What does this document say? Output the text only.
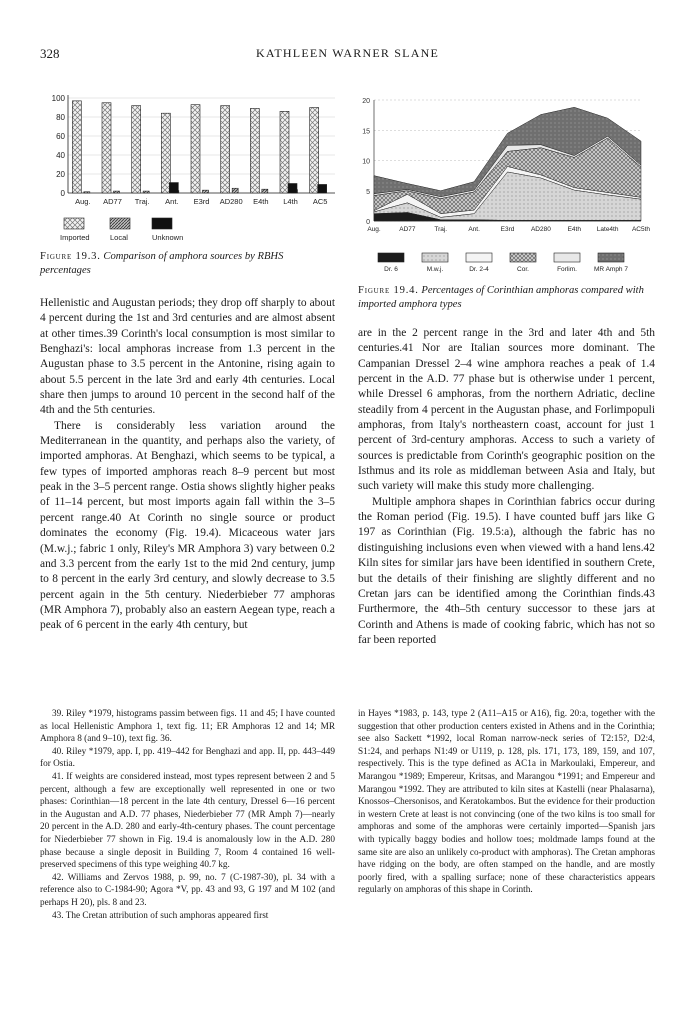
328	KATHLEEN WARNER SLANE
0
20
40
60
80
100
Aug. AD77 Traj. Ant. E3rd AD280 E4th L4th AC5
Imported	Local	Unknown
Figure 19.3. Comparison of amphora sources by RBHS percentages
0
5
10
15
20
Aug.	AD77	Traj.	Ant.	E3rd	AD280	E4th Late4th AC5th
Dr. 6	M.w.j.	Dr. 2-4	Cor.	Forlim.	MR Amph 7
Figure 19.4. Percentages of Corinthian amphoras compared with imported amphora types

Hellenistic and Augustan periods; they drop off sharply to about 4 percent during the 1st and 3rd centuries and are almost absent at other times.39 Corinth's local consumption is most similar to Benghazi's: local amphoras increase from 1.3 percent in the Augustan phase to 3.5 percent in the Antonine, rising again to about 5.5 percent in the late 3rd and early 4th centuries. Local share then jumps to around 10 percent in the second half of the 4th and the 5th centuries.

There is considerably less variation around the Mediterranean in the quantity, and perhaps also the variety, of imported amphoras. At Benghazi, which seems to be typical, a few types of imported amphoras reach 8–9 percent but most peak in the 3–5 percent range. Ostia shows slightly higher peaks of 11–14 percent, but most imports again fall within the 3–5 percent range.40 At Corinth no single source or product dominates the economy (Fig. 19.4). Micaceous water jars (M.w.j.; fabric 1 only, Riley's MR Amphora 3) vary between 0.2 and 3.3 percent from the early 1st to the mid 2nd century, jump to 8 percent in the early 3rd century, and slowly decrease to 3.5 percent again in the 5th century. Niederbieber 77 amphoras (MR Amphora 7), probably also an eastern Aegean type, reach a peak of 6 percent in the early 4th century, but

are in the 2 percent range in the 3rd and later 4th and 5th centuries.41 Nor are Italian sources more dominant. The Campanian Dressel 2–4 wine amphora reaches a peak of 1.4 percent in the A.D. 77 phase but is otherwise under 1 percent, while Dressel 6 amphoras, from the northern Adriatic, decline steadily from 4 percent in the Augustan phase, and Forlimpopuli amphoras, from Italy's northeastern coast, account for just 1 percent of 3rd-century amphoras. Access to such a variety of sources is predictable from Corinth's geographic position on the Isthmus and its role as middleman between Asia and Italy, but such variety will make this study more challenging.

Multiple amphora shapes in Corinthian fabrics occur during the Roman period (Fig. 19.5). I have counted buff jars like G 197 as Corinthian (Fig. 19.5:a), although the fabric has no distinguishing inclusions even when viewed with a hand lens.42 Kiln sites for similar jars have been identified in southern Crete, but the details of their finishing are slightly different and no Cretan jars can be identified among the Corinthian finds.43 Furthermore, the 4th–5th century successor to these jars at Corinth and Athens is made of cooking fabric, which has not so far been reported

39. Riley *1979, histograms passim between figs. 11 and 45; I have counted as local Hellenistic Amphora 1, text fig. 11; ER Amphoras 12 and 14; MR Amphora 8 (and 9–10), text fig. 36.

40. Riley *1979, app. I, pp. 419–442 for Benghazi and app. II, pp. 443–449 for Ostia.

41. If weights are considered instead, most types represent between 2 and 5 percent, although a few are exceptionally well represented in one or two phases: Corinthian—18 percent in the late 4th century, Dressel 6—16 percent in the Augustan and A.D. 77 phases, Niederbieber 77 (MR Amph 7)—nearly 20 percent in the A.D. 280 and early-4th-century phases. The count percentage for Niederbieber 77 shown in Fig. 19.4 is anomalously low in the A.D. 280 phase because a single deposit in Building 7, Room 4 contained 16 well-preserved specimens of this type weighing 40.7 kg.

42. Williams and Zervos 1988, p. 99, no. 7 (C-1987-30), pl. 34 with a reference also to C-1984-90; Agora *V, pp. 43 and 93, G 197 and M 102 (and perhaps H 20), pls. 8 and 23.

43. The Cretan attribution of such amphoras appeared first

in Hayes *1983, p. 143, type 2 (A11–A15 or A16), fig. 20:a, together with the suggestion that other production centers existed in Athens and in the Corinthia; see also Sackett *1992, local Roman narrow-neck series of T2:15?, D2:4, S1:24, and perhaps N1:49 or U119, p. 128, pls. 171, 173, 189, 159, and 107, respectively. This is the type defined as AC1a in Markoulaki, Empereur, and Marangou *1989; Empereur, Kritsas, and Marangou *1991; and Empereur and Marangou *1992. They are attributed to kiln sites at Kastelli (near Phalasarna), Knossos–Chersonisos, and Keratokambos. But the evidence for their production in western Crete at least is not convincing (one of the two kilns is too small for amphoras and some of the amphoras were certainly imported—Spanish jars with typically baggy bodies and hollow toes; moldmade lamps found at the same site are also an unlikely co-product with amphoras). The Cretan amphoras have ridging on the body, are often stamped on the handle, and are mostly poorly fired, with a spalling surface; none of these characteristics appears regularly on amphoras of this shape in Corinth.
